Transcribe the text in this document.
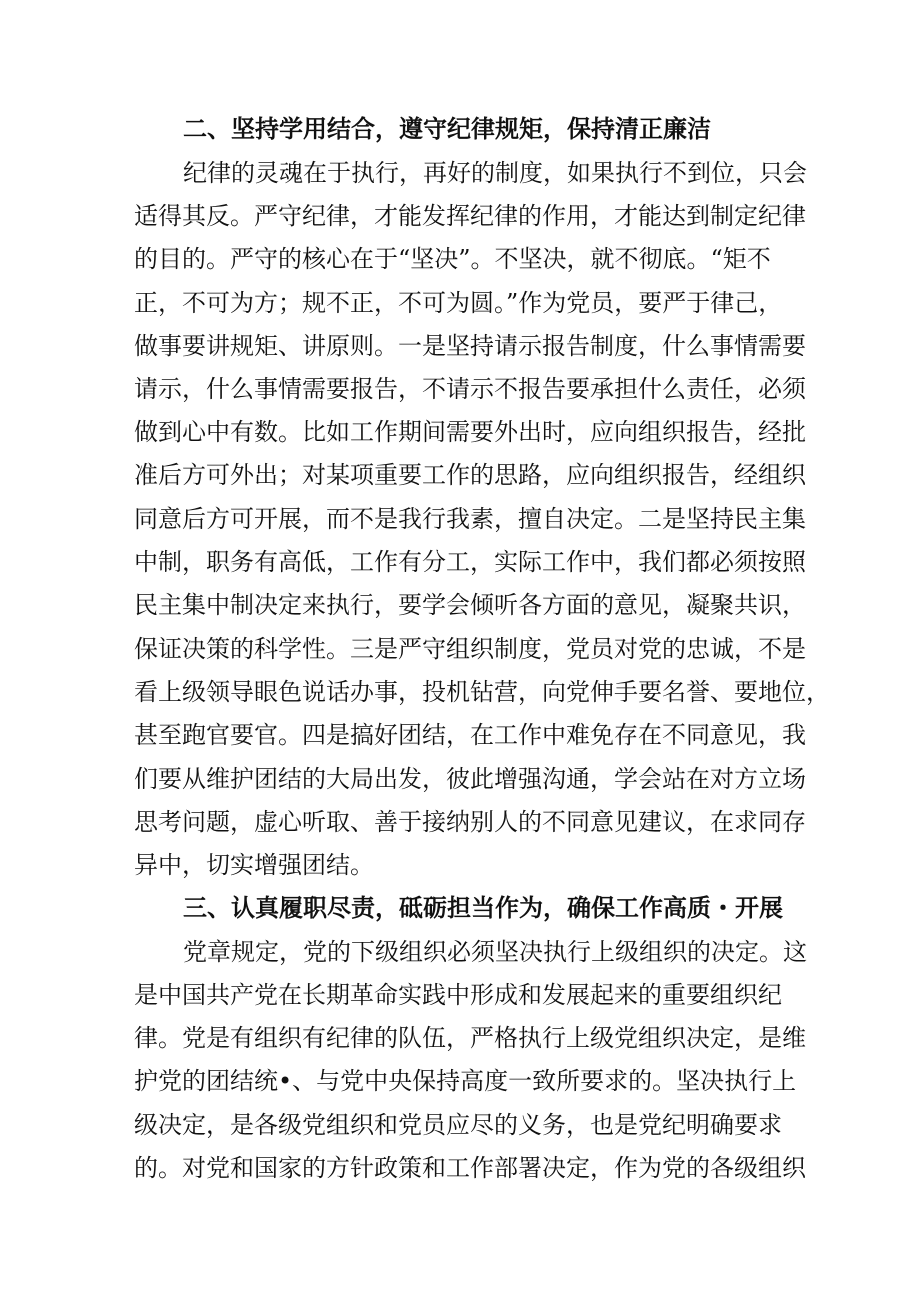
二、坚持学用结合，遵守纪律规矩，保持清正廉洁
纪律的灵魂在于执行，再好的制度，如果执行不到位，只会
适得其反。严守纪律，才能发挥纪律的作用，才能达到制定纪律
的目的。严守的核心在于“坚决”。不坚决，就不彻底。“矩不
正，不可为方；规不正，不可为圆。”作为党员，要严于律己，
做事要讲规矩、讲原则。一是坚持请示报告制度，什么事情需要
请示，什么事情需要报告，不请示不报告要承担什么责任，必须
做到心中有数。比如工作期间需要外出时，应向组织报告，经批
准后方可外出；对某项重要工作的思路，应向组织报告，经组织
同意后方可开展，而不是我行我素，擅自决定。二是坚持民主集
中制，职务有高低，工作有分工，实际工作中，我们都必须按照
民主集中制决定来执行，要学会倾听各方面的意见，凝聚共识，
保证决策的科学性。三是严守组织制度，党员对党的忠诚，不是
看上级领导眼色说话办事，投机钻营，向党伸手要名誉、要地位，
甚至跑官要官。四是搞好团结，在工作中难免存在不同意见，我
们要从维护团结的大局出发，彼此增强沟通，学会站在对方立场
思考问题，虚心听取、善于接纳别人的不同意见建议，在求同存
异中，切实增强团结。
三、认真履职尽责，砥砺担当作为，确保工作高质・开展
党章规定，党的下级组织必须坚决执行上级组织的决定。这
是中国共产党在长期革命实践中形成和发展起来的重要组织纪
律。党是有组织有纪律的队伍，严格执行上级党组织决定，是维
护党的团结统•、与党中央保持高度一致所要求的。坚决执行上
级决定，是各级党组织和党员应尽的义务，也是党纪明确要求
的。对党和国家的方针政策和工作部署决定，作为党的各级组织
